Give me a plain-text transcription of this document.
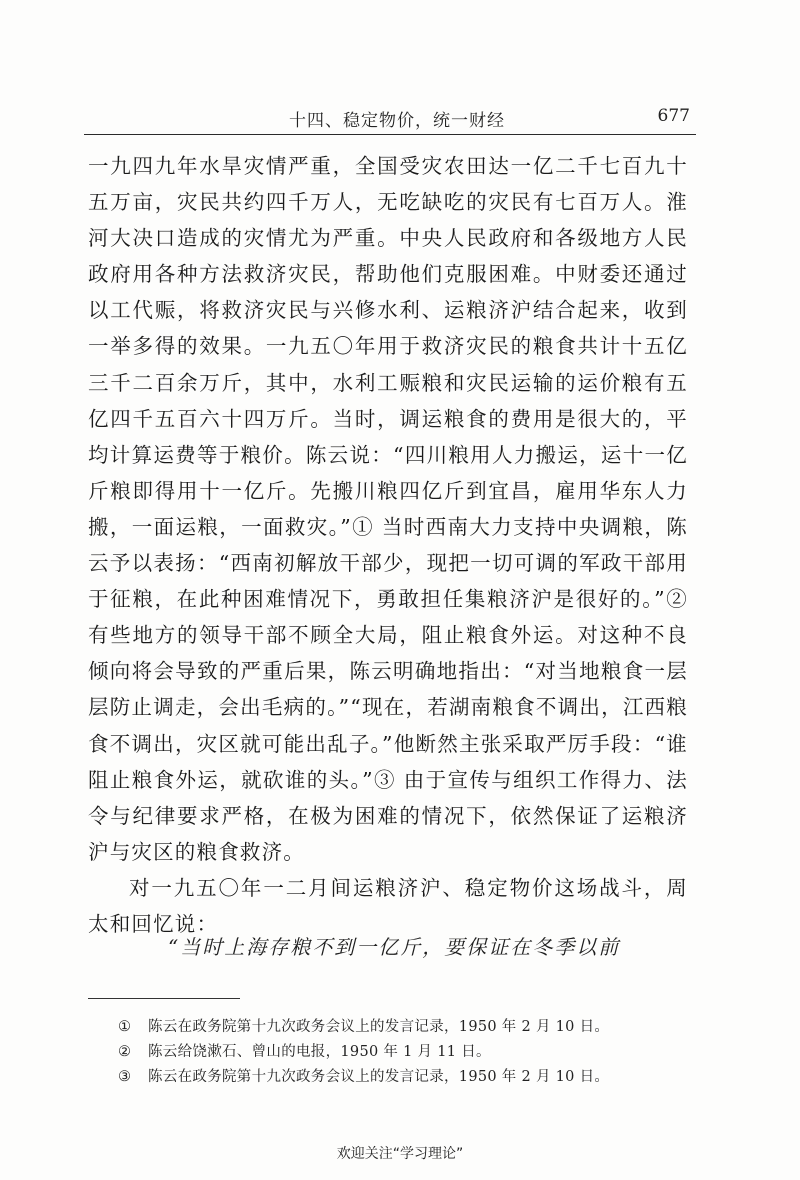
十四、稳定物价，统一财经	677

一九四九年水旱灾情严重，全国受灾农田达一亿二千七百九十五万亩，灾民共约四千万人，无吃缺吃的灾民有七百万人。淮河大决口造成的灾情尤为严重。中央人民政府和各级地方人民政府用各种方法救济灾民，帮助他们克服困难。中财委还通过以工代赈，将救济灾民与兴修水利、运粮济沪结合起来，收到一举多得的效果。一九五〇年用于救济灾民的粮食共计十五亿三千二百余万斤，其中，水利工赈粮和灾民运输的运价粮有五亿四千五百六十四万斤。当时，调运粮食的费用是很大的，平均计算运费等于粮价。陈云说：“四川粮用人力搬运，运十一亿斤粮即得用十一亿斤。先搬川粮四亿斤到宜昌，雇用华东人力搬，一面运粮，一面救灾。”① 当时西南大力支持中央调粮，陈云予以表扬：“西南初解放干部少，现把一切可调的军政干部用于征粮，在此种困难情况下，勇敢担任集粮济沪是很好的。”② 有些地方的领导干部不顾全大局，阻止粮食外运。对这种不良倾向将会导致的严重后果，陈云明确地指出：“对当地粮食一层层防止调走，会出毛病的。”“现在，若湖南粮食不调出，江西粮食不调出，灾区就可能出乱子。”他断然主张采取严厉手段：“谁阻止粮食外运，就砍谁的头。”③ 由于宣传与组织工作得力、法令与纪律要求严格，在极为困难的情况下，依然保证了运粮济沪与灾区的粮食救济。

对一九五〇年一二月间运粮济沪、稳定物价这场战斗，周太和回忆说：

“当时上海存粮不到一亿斤，要保证在冬季以前
① 陈云在政务院第十九次政务会议上的发言记录，1950 年 2 月 10 日。
② 陈云给饶漱石、曾山的电报，1950 年 1 月 11 日。
③ 陈云在政务院第十九次政务会议上的发言记录，1950 年 2 月 10 日。
欢迎关注“学习理论”
